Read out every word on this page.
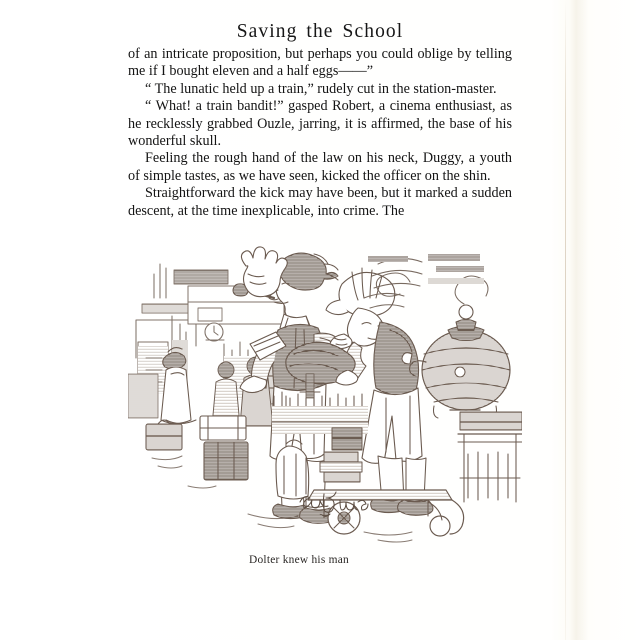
Saving the School

of an intricate proposition, but perhaps you could oblige by telling me if I bought eleven and a half eggs——”

“ The lunatic held up a train,” rudely cut in the station-master.

“ What! a train bandit!” gasped Robert, a cinema enthusiast, as he recklessly grabbed Ouzle, jarring, it is affirmed, the base of his wonderful skull.

Feeling the rough hand of the law on his neck, Duggy, a youth of simple tastes, as we have seen, kicked the officer on the shin.

Straightforward the kick may have been, but it marked a sudden descent, at the time inexplicable, into crime. The

Dolter knew his man
